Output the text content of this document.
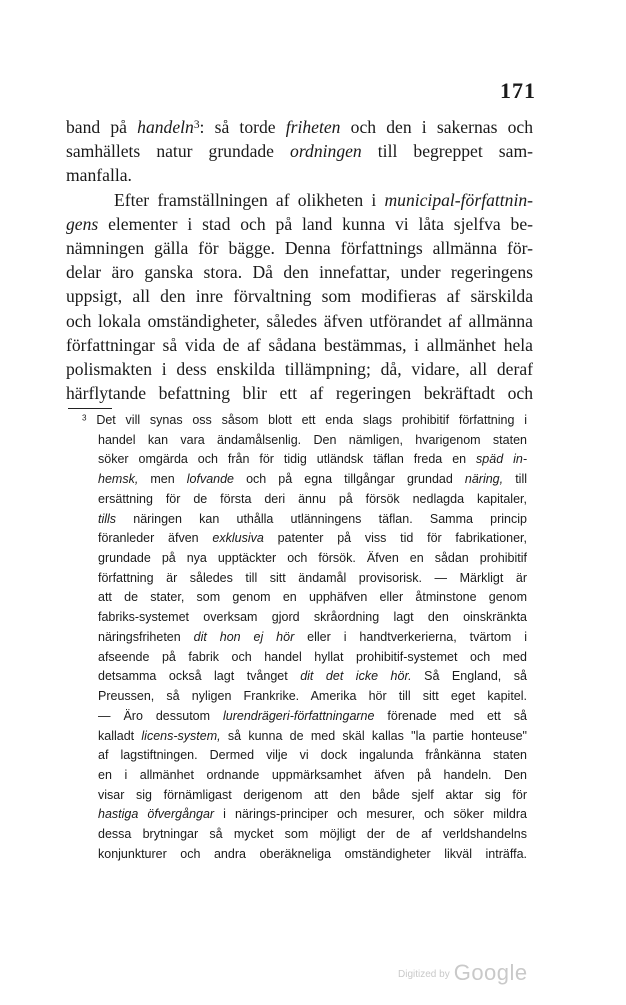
171
band på handeln$^3$: så torde friheten och den i sakernas och
samhällets natur grundade ordningen till begreppet sam-
manfalla.
Efter framställningen af olikheten i municipal-författnin-
gens elementer i stad och på land kunna vi låta sjelfva be-
nämningen gälla för bägge. Denna författnings allmänna för-
delar äro ganska stora. Då den innefattar, under regeringens
uppsigt, all den inre förvaltning som modifieras af särskilda
och lokala omständigheter, således äfven utförandet af allmänna
författningar så vida de af sådana bestämmas, i allmänhet hela
polismakten i dess enskilda tillämpning; då, vidare, all deraf
härflytande befattning blir ett af regeringen bekräftadt och
$^3$ Det vill synas oss såsom blott ett enda slags prohibitif författning i
handel kan vara ändamålsenlig. Den nämligen, hvarigenom staten
söker omgärda och från för tidig utländsk täflan freda en späd in-
hemsk, men lofvande och på egna tillgångar grundad näring, till
ersättning för de första deri ännu på försök nedlagda kapitaler,
tills näringen kan uthålla utlänningens täflan. Samma princip
föranleder äfven exklusiva patenter på viss tid för fabrikationer,
grundade på nya upptäckter och försök. Äfven en sådan prohibitif
författning är således till sitt ändamål provisorisk. — Märkligt är
att de stater, som genom en upphäfven eller åtminstone genom
fabriks-systemet overksam gjord skråordning lagt den oinskränkta
näringsfriheten dit hon ej hör eller i handtverkerierna, tvärtom i
afseende på fabrik och handel hyllat prohibitif-systemet och med
detsamma också lagt tvånget dit det icke hör. Så England, så
Preussen, så nyligen Frankrike. Amerika hör till sitt eget kapitel.
— Äro dessutom lurendrägeri-författningarne förenade med ett så
kalladt licens-system, så kunna de med skäl kallas "la partie honteuse"
af lagstiftningen. Dermed vilje vi dock ingalunda frånkänna staten
en i allmänhet ordnande uppmärksamhet äfven på handeln. Den
visar sig förnämligast derigenom att den både sjelf aktar sig för
hastiga öfvergångar i närings-principer och mesurer, och söker mildra
dessa brytningar så mycket som möjligt der de af verldshandelns
konjunkturer och andra oberäkneliga omständigheter likväl inträffa.
Digitized by Google
